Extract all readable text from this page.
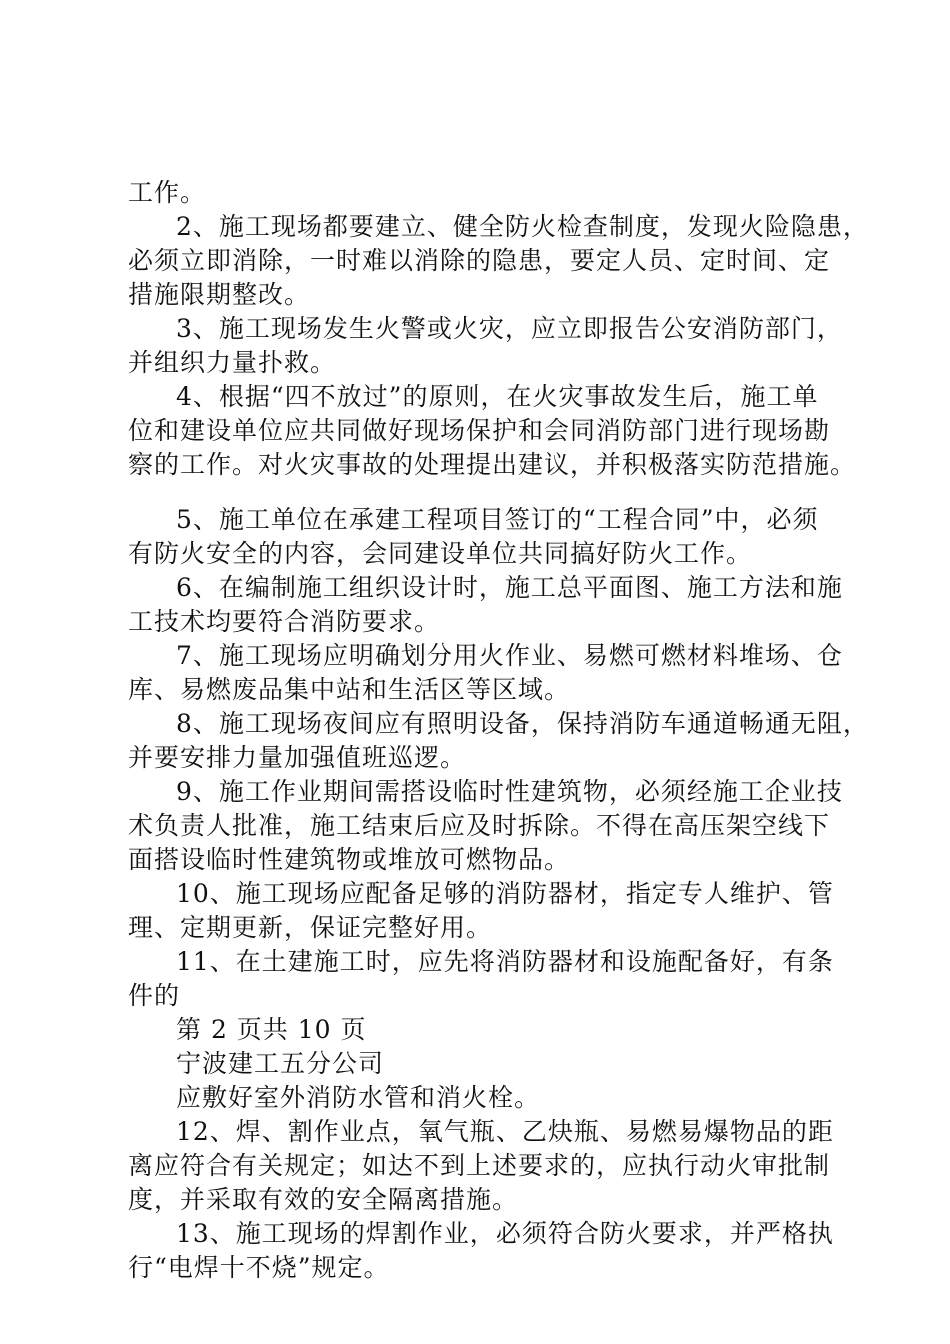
工作。
2、施工现场都要建立、健全防火检查制度，发现火险隐患，
必须立即消除，一时难以消除的隐患，要定人员、定时间、定
措施限期整改。
3、施工现场发生火警或火灾，应立即报告公安消防部门，
并组织力量扑救。
4、根据“四不放过”的原则，在火灾事故发生后，施工单
位和建设单位应共同做好现场保护和会同消防部门进行现场勘
察的工作。对火灾事故的处理提出建议，并积极落实防范措施。
5、施工单位在承建工程项目签订的“工程合同”中，必须
有防火安全的内容，会同建设单位共同搞好防火工作。
6、在编制施工组织设计时，施工总平面图、施工方法和施
工技术均要符合消防要求。
7、施工现场应明确划分用火作业、易燃可燃材料堆场、仓
库、易燃废品集中站和生活区等区域。
8、施工现场夜间应有照明设备，保持消防车通道畅通无阻，
并要安排力量加强值班巡逻。
9、施工作业期间需搭设临时性建筑物，必须经施工企业技
术负责人批准，施工结束后应及时拆除。不得在高压架空线下
面搭设临时性建筑物或堆放可燃物品。
10、施工现场应配备足够的消防器材，指定专人维护、管
理、定期更新，保证完整好用。
11、在土建施工时，应先将消防器材和设施配备好，有条
件的
第 2 页共 10 页
宁波建工五分公司
应敷好室外消防水管和消火栓。
12、焊、割作业点，氧气瓶、乙炔瓶、易燃易爆物品的距
离应符合有关规定；如达不到上述要求的，应执行动火审批制
度，并采取有效的安全隔离措施。
13、施工现场的焊割作业，必须符合防火要求，并严格执
行“电焊十不烧”规定。
